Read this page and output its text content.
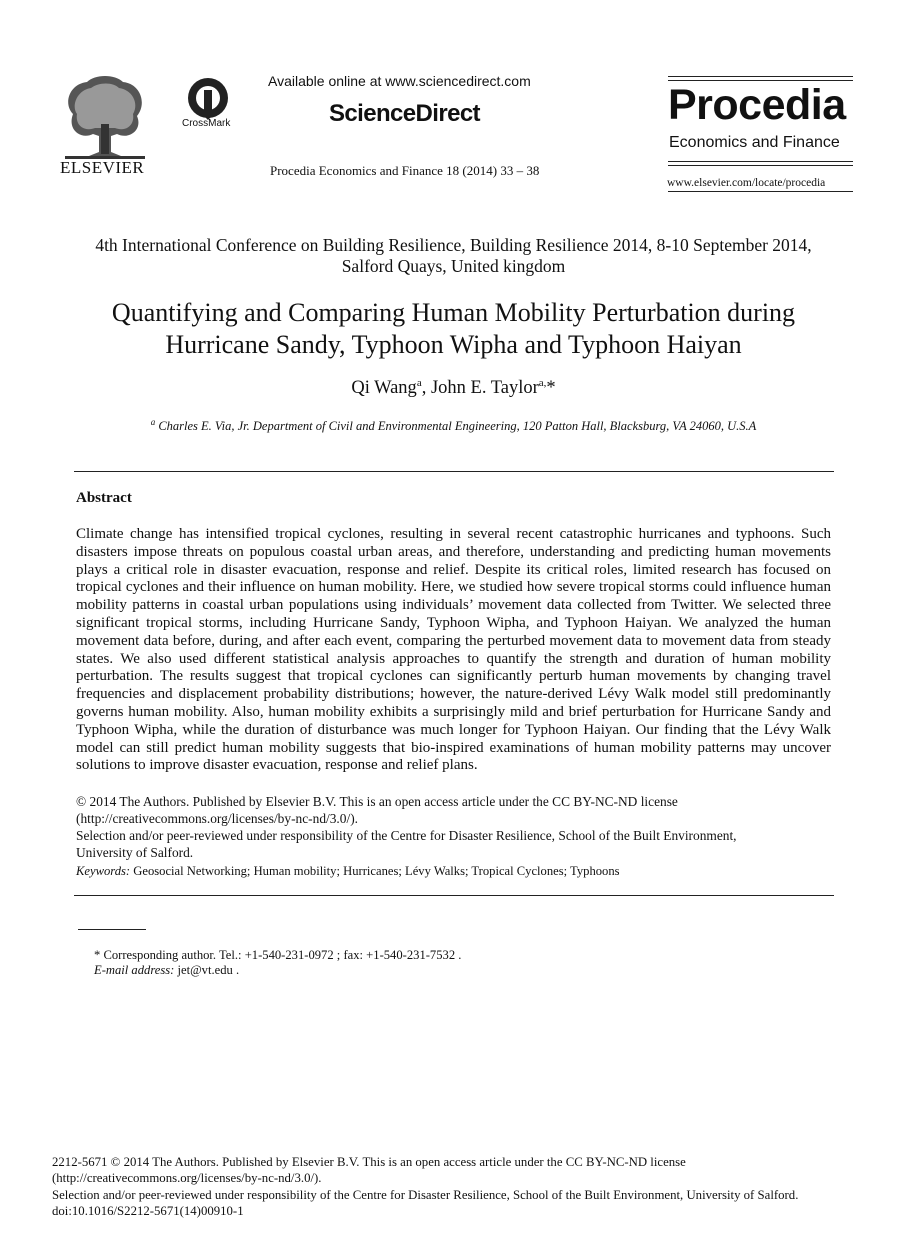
ELSEVIER
CrossMark
Available online at www.sciencedirect.com
ScienceDirect
Procedia Economics and Finance 18 (2014) 33 – 38
Procedia
Economics and Finance
www.elsevier.com/locate/procedia
4th International Conference on Building Resilience, Building Resilience 2014, 8-10 September 2014, Salford Quays, United kingdom
Quantifying and Comparing Human Mobility Perturbation during
Hurricane Sandy, Typhoon Wipha and Typhoon Haiyan
Qi Wang$^a$, John E. Taylor$^{a,}$*
$^a$ Charles E. Via, Jr. Department of Civil and Environmental Engineering, 120 Patton Hall, Blacksburg, VA 24060, U.S.A
Abstract
Climate change has intensified tropical cyclones, resulting in several recent catastrophic hurricanes and typhoons. Such disasters impose threats on populous coastal urban areas, and therefore, understanding and predicting human movements plays a critical role in disaster evacuation, response and relief. Despite its critical roles, limited research has focused on tropical cyclones and their influence on human mobility. Here, we studied how severe tropical storms could influence human mobility patterns in coastal urban populations using individuals’ movement data collected from Twitter. We selected three significant tropical storms, including Hurricane Sandy, Typhoon Wipha, and Typhoon Haiyan. We analyzed the human movement data before, during, and after each event, comparing the perturbed movement data to movement data from steady states. We also used different statistical analysis approaches to quantify the strength and duration of human mobility perturbation. The results suggest that tropical cyclones can significantly perturb human movements by changing travel frequencies and displacement probability distributions; however, the nature-derived Lévy Walk model still predominantly governs human mobility. Also, human mobility exhibits a surprisingly mild and brief perturbation for Hurricane Sandy and Typhoon Wipha, while the duration of disturbance was much longer for Typhoon Haiyan. Our finding that the Lévy Walk model can still predict human mobility suggests that bio-inspired examinations of human mobility patterns may uncover solutions to improve disaster evacuation, response and relief plans.
© 2014 The Authors. Published by Elsevier B.V. This is an open access article under the CC BY-NC-ND license
(http://creativecommons.org/licenses/by-nc-nd/3.0/).
Selection and/or peer-reviewed under responsibility of the Centre for Disaster Resilience, School of the Built Environment,
University of Salford.
Keywords: Geosocial Networking; Human mobility; Hurricanes; Lévy Walks; Tropical Cyclones; Typhoons
* Corresponding author. Tel.: +1-540-231-0972 ; fax: +1-540-231-7532 .
E-mail address: jet@vt.edu .
2212-5671 © 2014 The Authors. Published by Elsevier B.V. This is an open access article under the CC BY-NC-ND license
(http://creativecommons.org/licenses/by-nc-nd/3.0/).
Selection and/or peer-reviewed under responsibility of the Centre for Disaster Resilience, School of the Built Environment, University of Salford.
doi:10.1016/S2212-5671(14)00910-1
